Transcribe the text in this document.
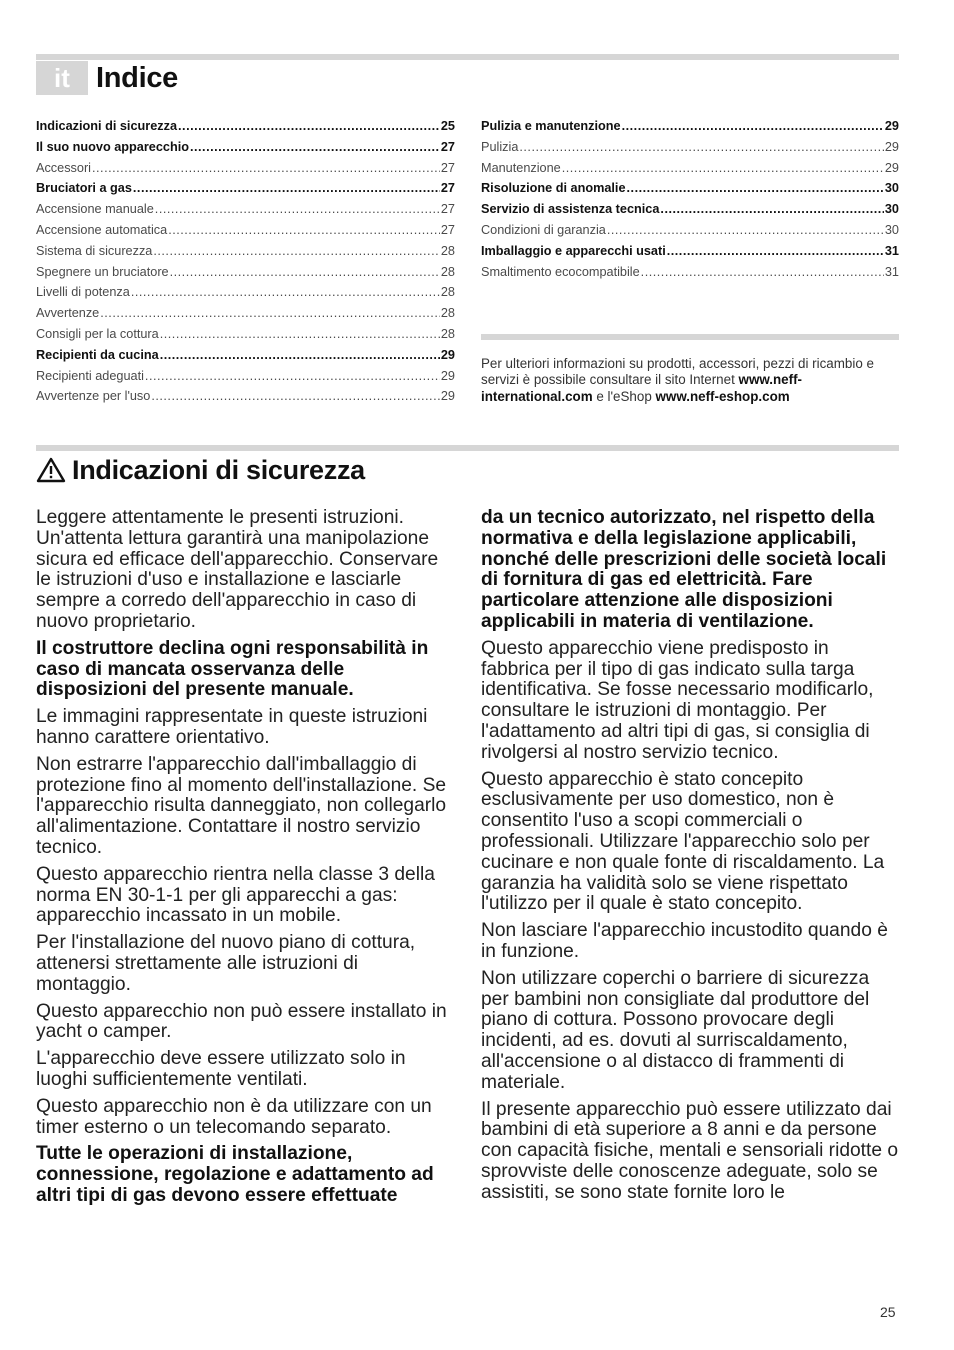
it Indice
Indicazioni di sicurezza .....	25
Il suo nuovo apparecchio .....	27
Accessori .....	27
Bruciatori a gas .....	27
Accensione manuale .....	27
Accensione automatica .....	27
Sistema di sicurezza .....	28
Spegnere un bruciatore .....	28
Livelli di potenza .....	28
Avvertenze .....	28
Consigli per la cottura .....	28
Recipienti da cucina .....	29
Recipienti adeguati .....	29
Avvertenze per l'uso .....	29
Pulizia e manutenzione .....	29
Pulizia .....	29
Manutenzione .....	29
Risoluzione di anomalie .....	30
Servizio di assistenza tecnica .....	30
Condizioni di garanzia .....	30
Imballaggio e apparecchi usati .....	31
Smaltimento ecocompatibile .....	31
Per ulteriori informazioni su prodotti, accessori, pezzi di ricambio e servizi è possibile consultare il sito Internet www.neff-international.com e l'eShop www.neff-eshop.com
Indicazioni di sicurezza

Leggere attentamente le presenti istruzioni. Un'attenta lettura garantirà una manipolazione sicura ed efficace dell'apparecchio. Conservare le istruzioni d'uso e installazione e lasciarle sempre a corredo dell'apparecchio in caso di nuovo proprietario.

Il costruttore declina ogni responsabilità in caso di mancata osservanza delle disposizioni del presente manuale.

Le immagini rappresentate in queste istruzioni hanno carattere orientativo.

Non estrarre l'apparecchio dall'imballaggio di protezione fino al momento dell'installazione. Se l'apparecchio risulta danneggiato, non collegarlo all'alimentazione. Contattare il nostro servizio tecnico.

Questo apparecchio rientra nella classe 3 della norma EN 30-1-1 per gli apparecchi a gas: apparecchio incassato in un mobile.

Per l'installazione del nuovo piano di cottura, attenersi strettamente alle istruzioni di montaggio.

Questo apparecchio non può essere installato in yacht o camper.

L'apparecchio deve essere utilizzato solo in luoghi sufficientemente ventilati.

Questo apparecchio non è da utilizzare con un timer esterno o un telecomando separato.

Tutte le operazioni di installazione, connessione, regolazione e adattamento ad altri tipi di gas devono essere effettuate

da un tecnico autorizzato, nel rispetto della normativa e della legislazione applicabili, nonché delle prescrizioni delle società locali di fornitura di gas ed elettricità. Fare particolare attenzione alle disposizioni applicabili in materia di ventilazione.

Questo apparecchio viene predisposto in fabbrica per il tipo di gas indicato sulla targa identificativa. Se fosse necessario modificarlo, consultare le istruzioni di montaggio. Per l'adattamento ad altri tipi di gas, si consiglia di rivolgersi al nostro servizio tecnico.

Questo apparecchio è stato concepito esclusivamente per uso domestico, non è consentito l'uso a scopi commerciali o professionali. Utilizzare l'apparecchio solo per cucinare e non quale fonte di riscaldamento. La garanzia ha validità solo se viene rispettato l'utilizzo per il quale è stato concepito.

Non lasciare l'apparecchio incustodito quando è in funzione.

Non utilizzare coperchi o barriere di sicurezza per bambini non consigliate dal produttore del piano di cottura. Possono provocare degli incidenti, ad es. dovuti al surriscaldamento, all'accensione o al distacco di frammenti di materiale.

Il presente apparecchio può essere utilizzato dai bambini di età superiore a 8 anni e da persone con capacità fisiche, mentali e sensoriali ridotte o sprovviste delle conoscenze adeguate, solo se assistiti, se sono state fornite loro le

25
